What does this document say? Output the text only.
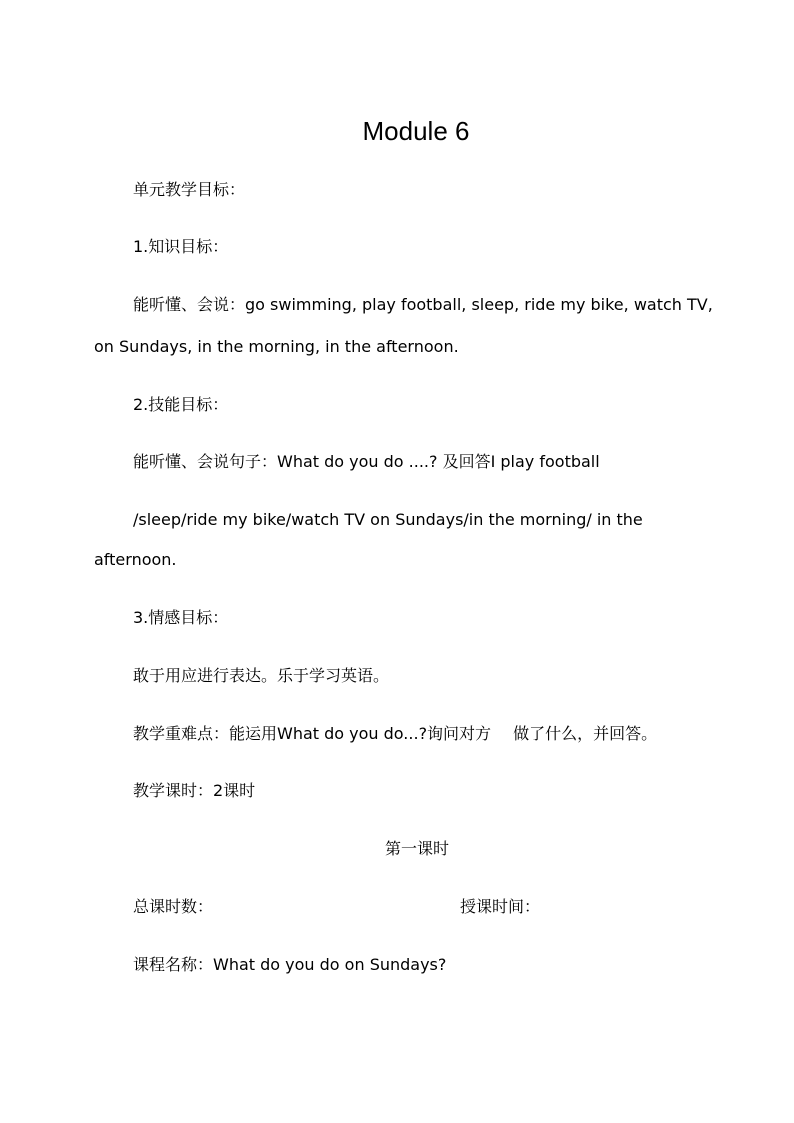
Module 6
单元教学目标：
1.知识目标：
能听懂、会说：go swimming, play football, sleep, ride my bike, watch TV,
on Sundays, in the morning, in the afternoon.
2.技能目标：
能听懂、会说句子：What do you do ....? 及回答I play football
/sleep/ride my bike/watch TV on Sundays/in the morning/ in the
afternoon.
3.情感目标：
敢于用应进行表达。乐于学习英语。
教学重难点：能运用What do you do...?询问对方 做了什么，并回答。
教学课时：2课时
第一课时
总课时数：	授课时间：
课程名称：What do you do on Sundays?
